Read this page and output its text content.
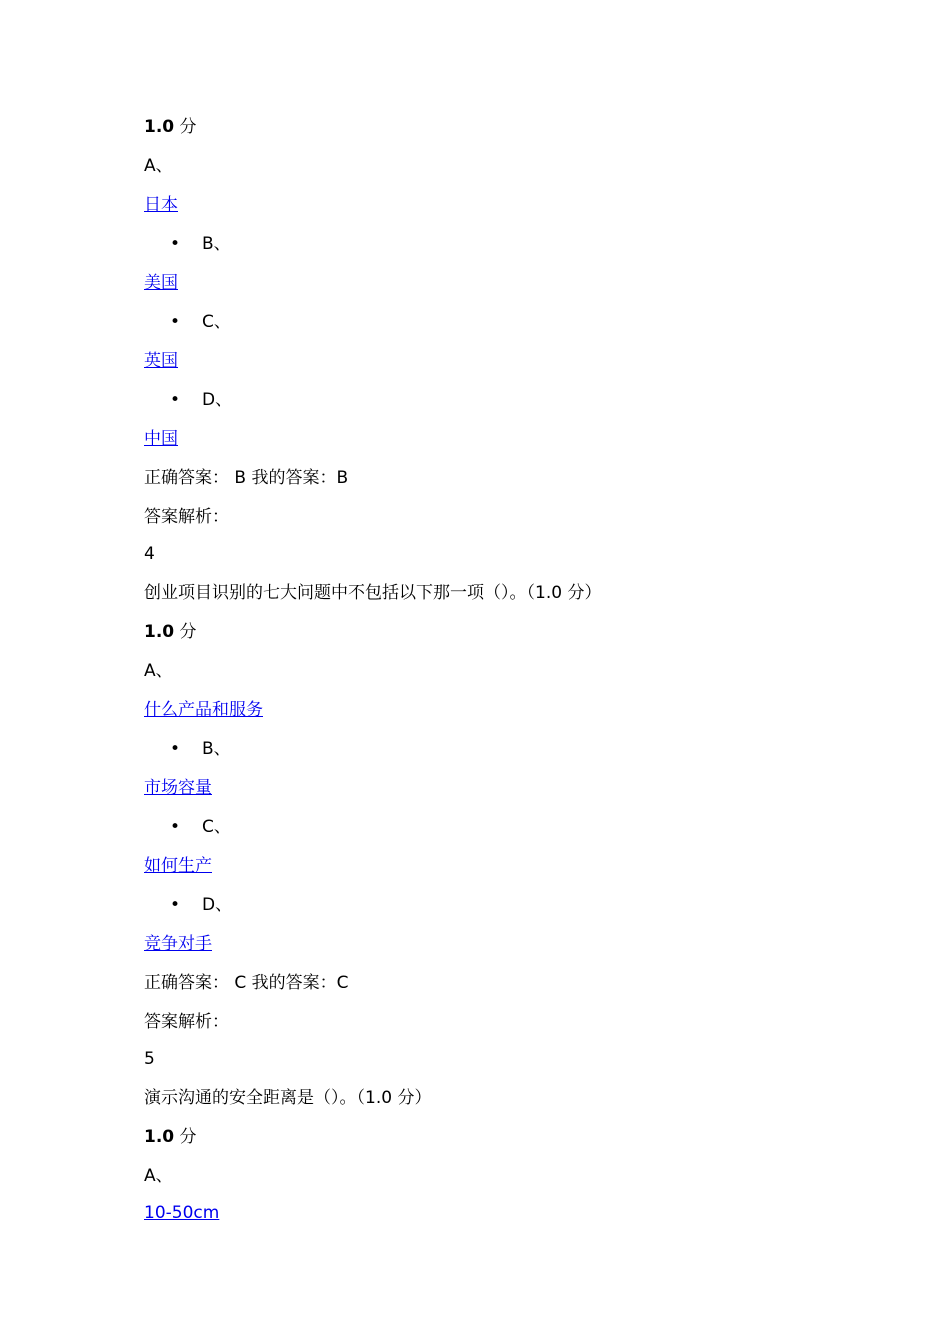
1.0 分
A、
日本
• B、
美国
• C、
英国
• D、
中国
正确答案： B 我的答案：B
答案解析：
4
创业项目识别的七大问题中不包括以下那一项（）。（1.0 分）
1.0 分
A、
什么产品和服务
• B、
市场容量
• C、
如何生产
• D、
竞争对手
正确答案： C 我的答案：C
答案解析：
5
演示沟通的安全距离是（）。（1.0 分）
1.0 分
A、
10-50cm
